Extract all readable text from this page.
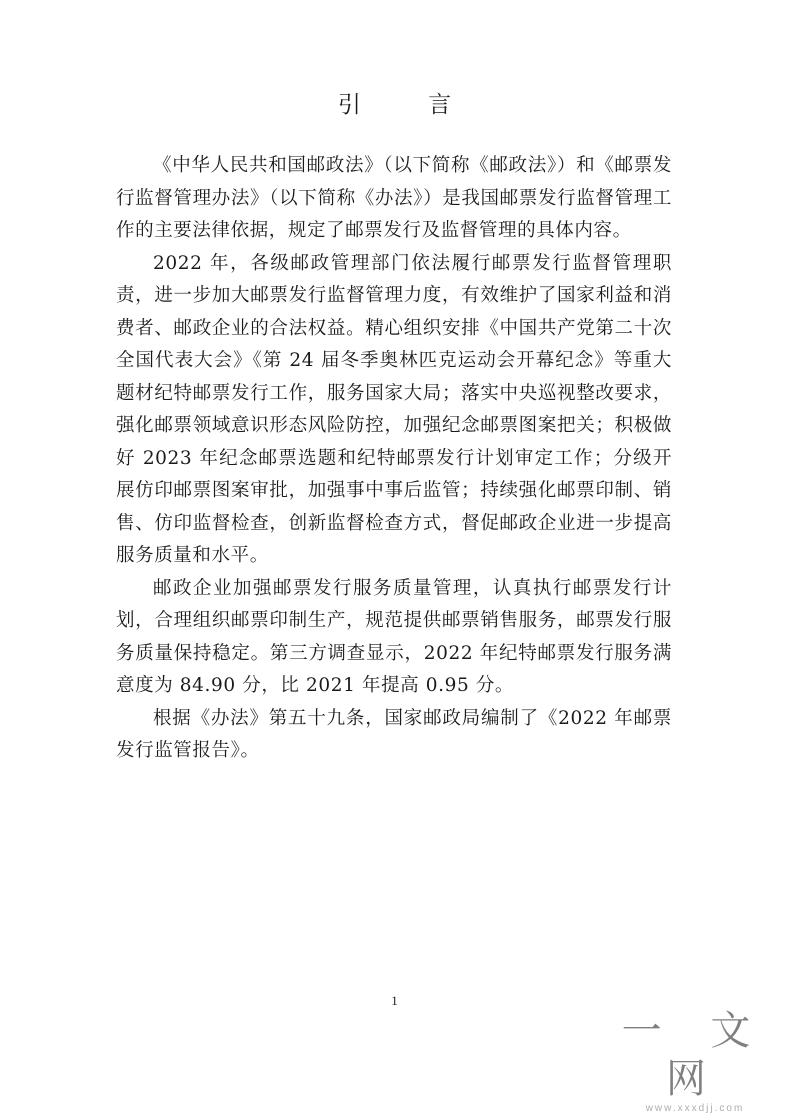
引 言

《中华人民共和国邮政法》（以下简称《邮政法》）和《邮票发行监督管理办法》（以下简称《办法》）是我国邮票发行监督管理工作的主要法律依据，规定了邮票发行及监督管理的具体内容。

2022 年，各级邮政管理部门依法履行邮票发行监督管理职责，进一步加大邮票发行监督管理力度，有效维护了国家利益和消费者、邮政企业的合法权益。精心组织安排《中国共产党第二十次全国代表大会》《第 24 届冬季奥林匹克运动会开幕纪念》等重大题材纪特邮票发行工作，服务国家大局；落实中央巡视整改要求，强化邮票领域意识形态风险防控，加强纪念邮票图案把关；积极做好 2023 年纪念邮票选题和纪特邮票发行计划审定工作；分级开展仿印邮票图案审批，加强事中事后监管；持续强化邮票印制、销售、仿印监督检查，创新监督检查方式，督促邮政企业进一步提高服务质量和水平。

邮政企业加强邮票发行服务质量管理，认真执行邮票发行计划，合理组织邮票印制生产，规范提供邮票销售服务，邮票发行服务质量保持稳定。第三方调查显示，2022 年纪特邮票发行服务满意度为 84.90 分，比 2021 年提高 0.95 分。

根据《办法》第五十九条，国家邮政局编制了《2022 年邮票发行监管报告》。

1
一 文 网
www.xxxdjj.com
